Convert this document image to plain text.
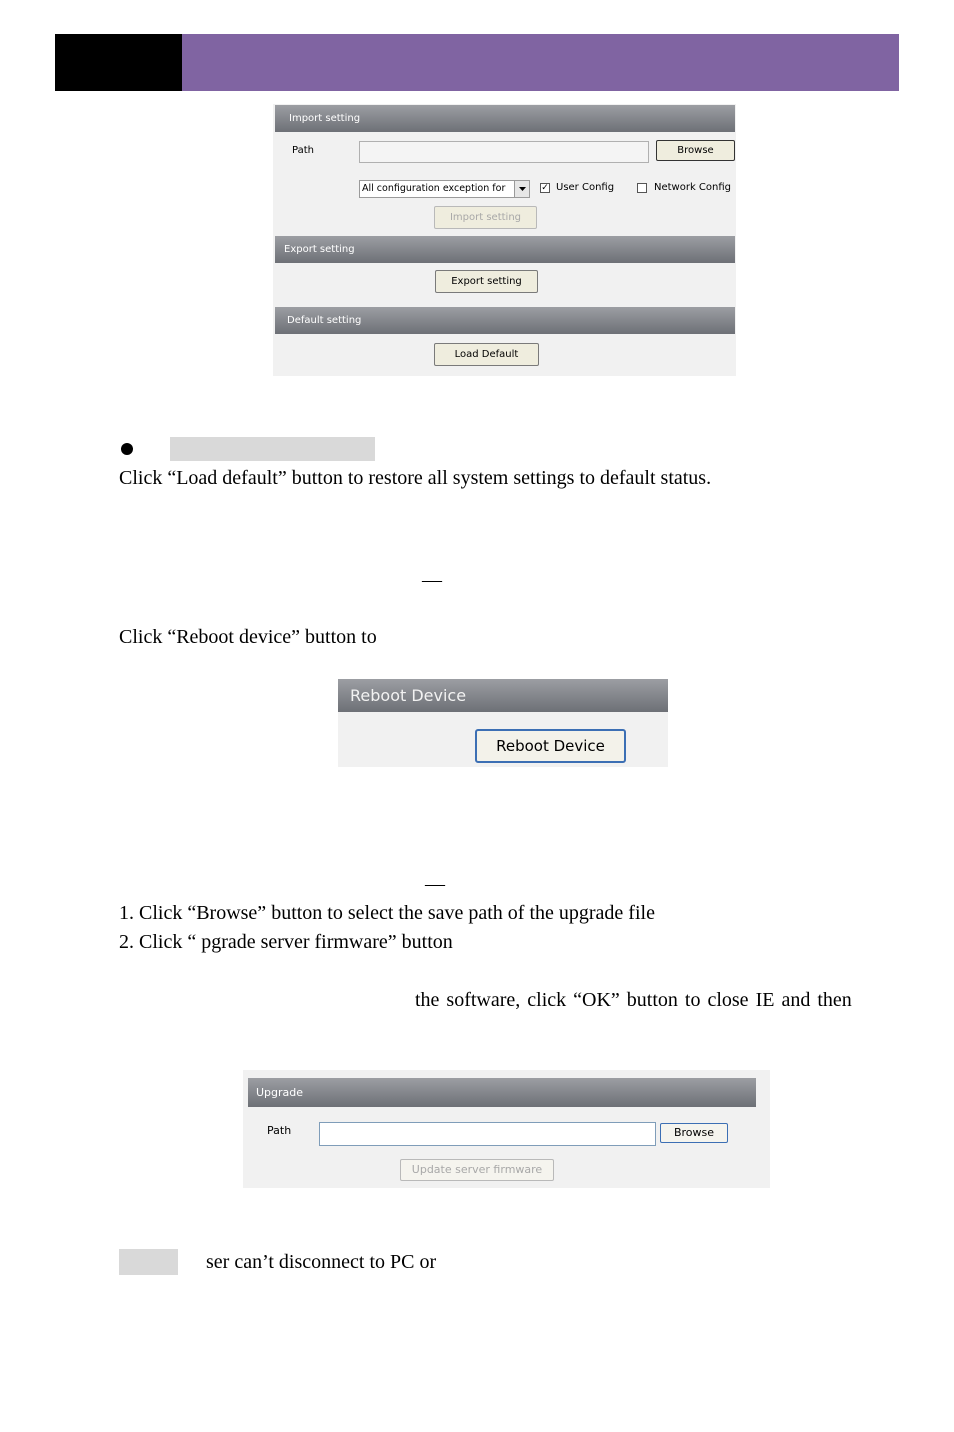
Import setting
Path	Browse
All configuration exception for	✓ User Config	Network Config
Import setting
Export setting
Export setting
Default setting
Load Default
Click “Load default” button to restore all system settings to default status.
—
Click “Reboot device” button to
Reboot Device
Reboot Device
—
1. Click “Browse” button to select the save path of the upgrade file
2. Click “ pgrade server firmware” button
the software, click “OK” button to close IE and then
Upgrade
Path	Browse
Update server firmware
ser can’t disconnect to PC or
